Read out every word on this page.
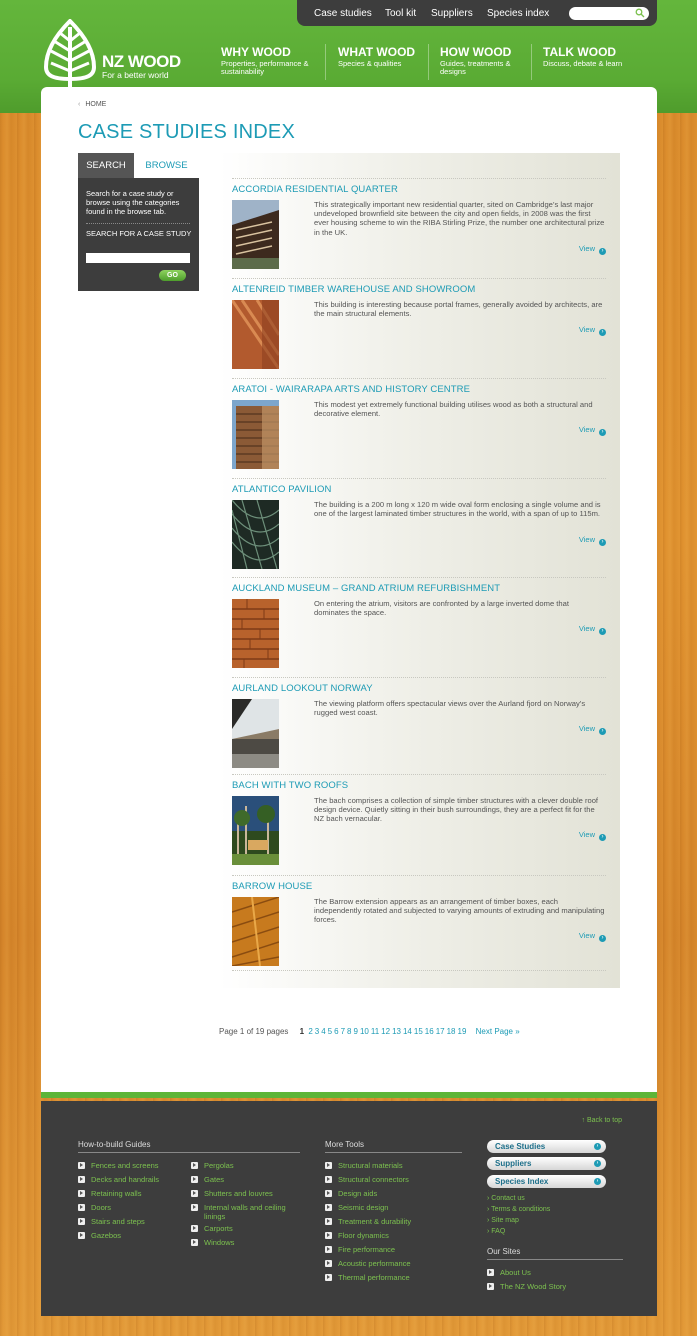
NZ WOOD
For a better world
Case studies Tool kit Suppliers Species index
WHY WOOD
Properties, performance & sustainability
WHAT WOOD
Species & qualities
HOW WOOD
Guides, treatments & designs
TALK WOOD
Discuss, debate & learn
‹ HOME
CASE STUDIES INDEX
SEARCH	BROWSE
Search for a case study or browse using the categories found in the browse tab.
SEARCH FOR A CASE STUDY
GO
ACCORDIA RESIDENTIAL QUARTER
This strategically important new residential quarter, sited on Cambridge’s last major undeveloped brownfield site between the city and open fields, in 2008 was the first ever housing scheme to win the RIBA Stirling Prize, the number one architectural prize in the UK.
View ›
ALTENREID TIMBER WAREHOUSE AND SHOWROOM
This building is interesting because portal frames, generally avoided by architects, are the main structural elements.
View ›
ARATOI - WAIRARAPA ARTS AND HISTORY CENTRE
This modest yet extremely functional building utilises wood as both a structural and decorative element.
View ›
ATLANTICO PAVILION
The building is a 200 m long x 120 m wide oval form enclosing a single volume and is one of the largest laminated timber structures in the world, with a span of up to 115m.
View ›
AUCKLAND MUSEUM – GRAND ATRIUM REFURBISHMENT
On entering the atrium, visitors are confronted by a large inverted dome that dominates the space.
View ›
AURLAND LOOKOUT NORWAY
The viewing platform offers spectacular views over the Aurland fjord on Norway’s rugged west coast.
View ›
BACH WITH TWO ROOFS
The bach comprises a collection of simple timber structures with a clever double roof design device. Quietly sitting in their bush surroundings, they are a perfect fit for the NZ bach vernacular.
View ›
BARROW HOUSE
The Barrow extension appears as an arrangement of timber boxes, each independently rotated and subjected to varying amounts of extruding and manipulating forces.
View ›
Page 1 of 19 pages 1 2 3 4 5 6 7 8 9 10 11 12 13 14 15 16 17 18 19 Next Page »
↑ Back to top
How-to-build Guides
Fences and screens
Decks and handrails
Retaining walls
Doors
Stairs and steps
Gazebos
Pergolas
Gates
Shutters and louvres
Internal walls and ceiling linings
Carports
Windows
More Tools
Structural materials
Structural connectors
Design aids
Seismic design
Treatment & durability
Floor dynamics
Fire performance
Acoustic performance
Thermal performance
Case Studies	›
Suppliers	›
Species Index	›
› Contact us
› Terms & conditions
› Site map
› FAQ
Our Sites
About Us
The NZ Wood Story
